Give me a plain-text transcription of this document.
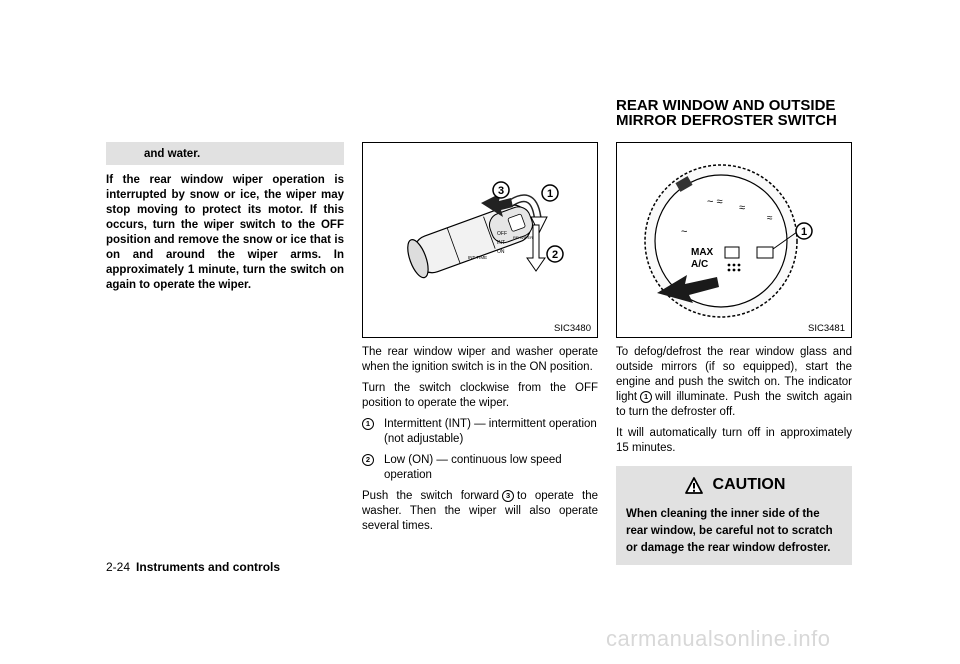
and water.

If the rear window wiper operation is interrupted by snow or ice, the wiper may stop moving to protect its motor. If this occurs, turn the wiper switch to the OFF position and remove the snow or ice that is on and around the wiper arms. In approximately 1 minute, turn the switch on again to operate the wiper.

OFF
INT
ON
INT TIME
RR WIPER
3	1
2
SIC3480

The rear window wiper and washer operate when the ignition switch is in the ON position.

Turn the switch clockwise from the OFF position to operate the wiper.

1	Intermittent (INT) — intermittent operation (not adjustable)
2	Low (ON) — continuous low speed operation

Push the switch forward 3 to operate the washer. Then the wiper will also operate several times.

REAR WINDOW AND OUTSIDE
MIRROR DEFROSTER SWITCH
~ ≈ ≈
≈
~
MAX
A/C
1
SIC3481

To defog/defrost the rear window glass and outside mirrors (if so equipped), start the engine and push the switch on. The indicator light 1 will illuminate. Push the switch again to turn the defroster off.

It will automatically turn off in approximately 15 minutes.

CAUTION
When cleaning the inner side of the rear window, be careful not to scratch or damage the rear window defroster.
2-24 Instruments and controls
carmanualsonline.info
